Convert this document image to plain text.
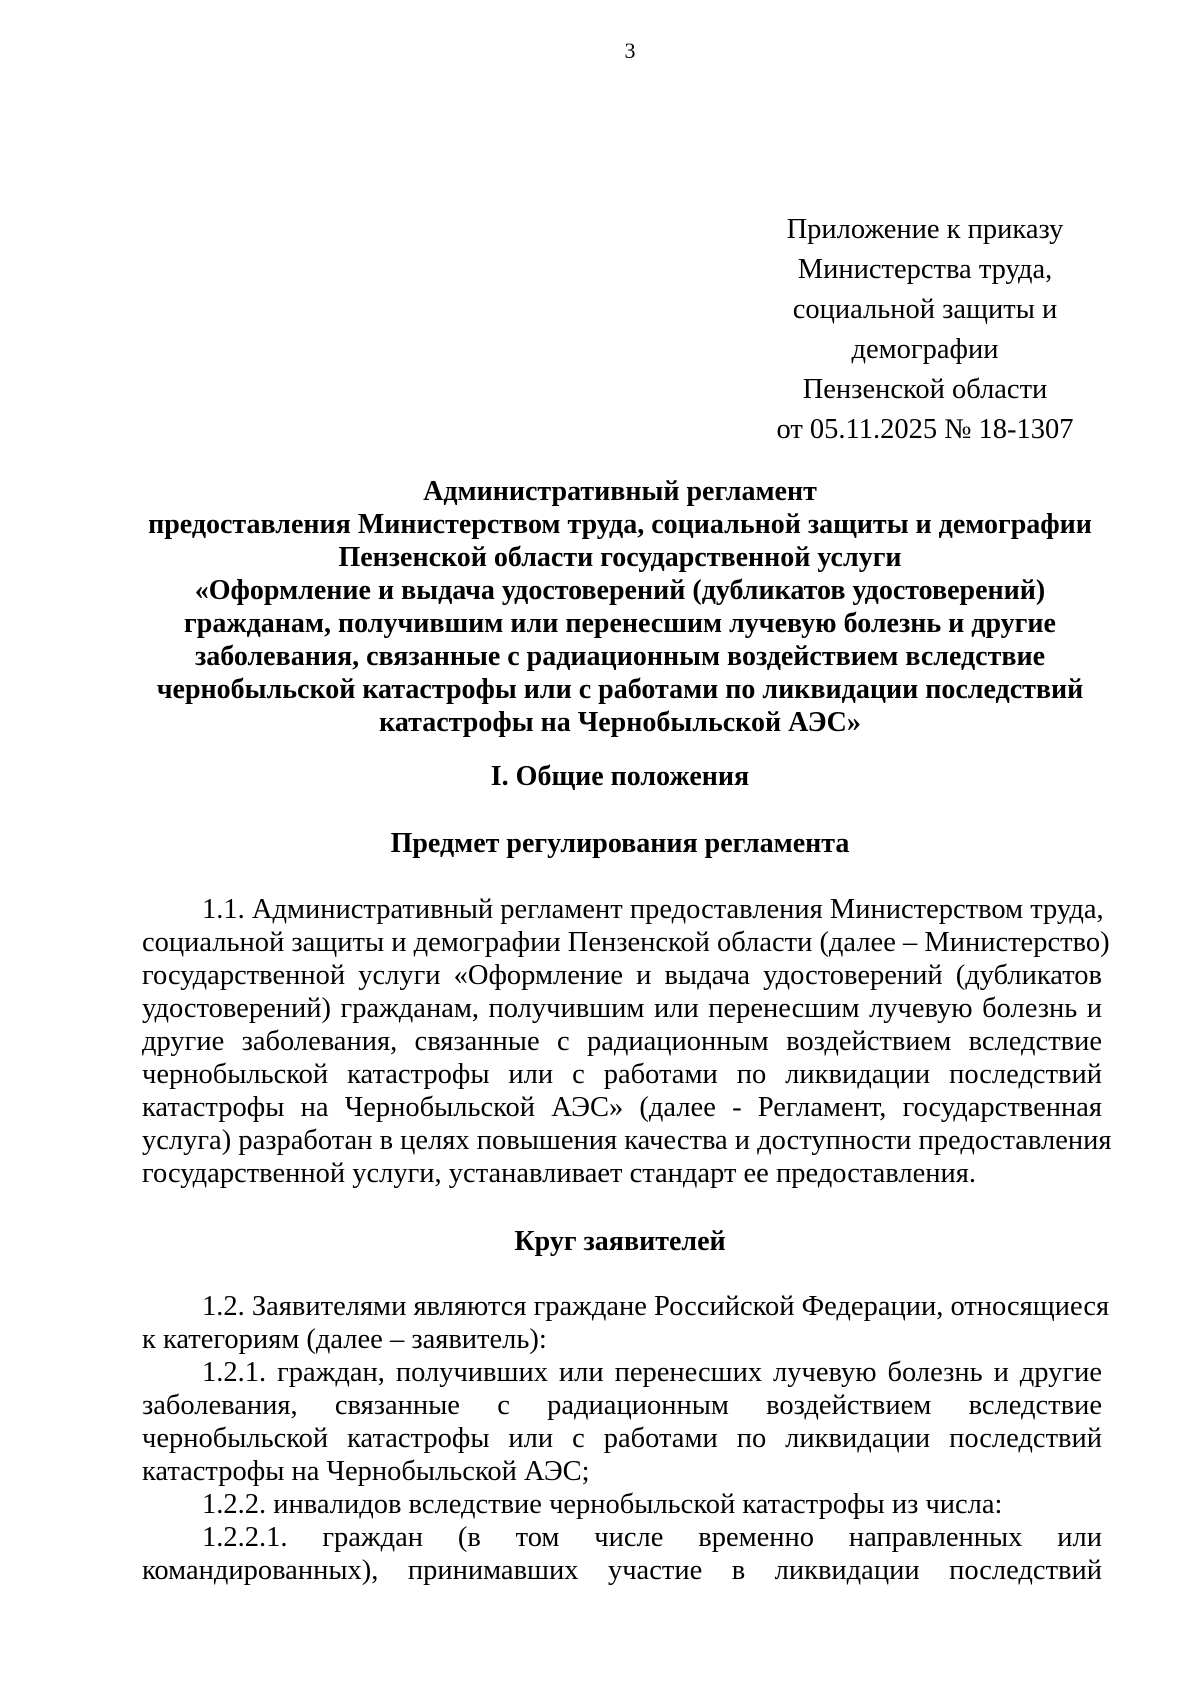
3
Приложение к приказу
Министерства труда,
социальной защиты и
демографии
Пензенской области
от 05.11.2025 № 18-1307
Административный регламент
предоставления Министерством труда, социальной защиты и демографии
Пензенской области государственной услуги
«Оформление и выдача удостоверений (дубликатов удостоверений)
гражданам, получившим или перенесшим лучевую болезнь и другие
заболевания, связанные с радиационным воздействием вследствие
чернобыльской катастрофы или с работами по ликвидации последствий
катастрофы на Чернобыльской АЭС»
I. Общие положения
Предмет регулирования регламента
1.1. Административный регламент предоставления Министерством труда,
социальной защиты и демографии Пензенской области (далее – Министерство)
государственной услуги «Оформление и выдача удостоверений (дубликатов
удостоверений) гражданам, получившим или перенесшим лучевую болезнь и
другие заболевания, связанные с радиационным воздействием вследствие
чернобыльской катастрофы или с работами по ликвидации последствий
катастрофы на Чернобыльской АЭС» (далее - Регламент, государственная
услуга) разработан в целях повышения качества и доступности предоставления
государственной услуги, устанавливает стандарт ее предоставления.
Круг заявителей
1.2. Заявителями являются граждане Российской Федерации, относящиеся
к категориям (далее – заявитель):
1.2.1. граждан, получивших или перенесших лучевую болезнь и другие
заболевания, связанные с радиационным воздействием вследствие
чернобыльской катастрофы или с работами по ликвидации последствий
катастрофы на Чернобыльской АЭС;
1.2.2. инвалидов вследствие чернобыльской катастрофы из числа:
1.2.2.1. граждан (в том числе временно направленных или
командированных), принимавших участие в ликвидации последствий
